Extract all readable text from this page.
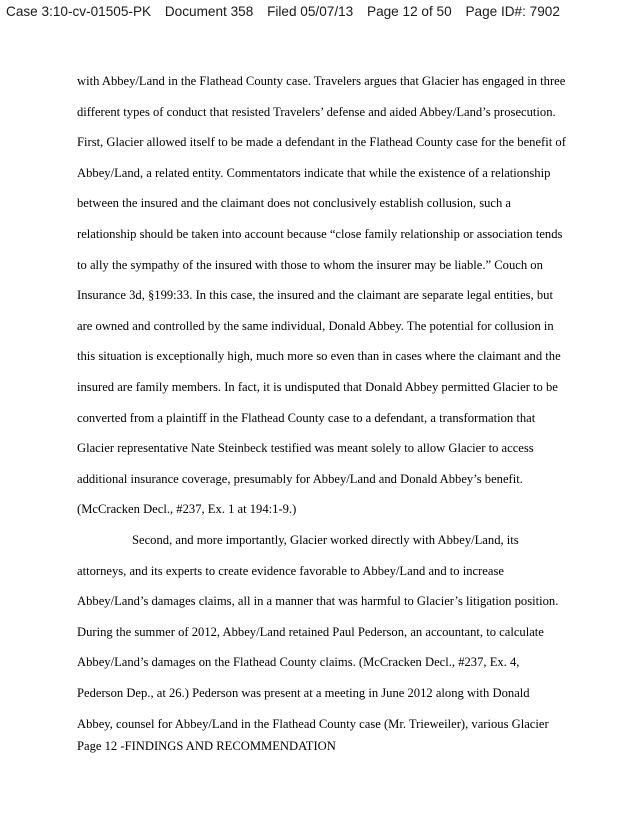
Case 3:10-cv-01505-PK Document 358 Filed 05/07/13 Page 12 of 50 Page ID#: 7902
with Abbey/Land in the Flathead County case. Travelers argues that Glacier has engaged in three
different types of conduct that resisted Travelers’ defense and aided Abbey/Land’s prosecution.
First, Glacier allowed itself to be made a defendant in the Flathead County case for the benefit of
Abbey/Land, a related entity. Commentators indicate that while the existence of a relationship
between the insured and the claimant does not conclusively establish collusion, such a
relationship should be taken into account because “close family relationship or association tends
to ally the sympathy of the insured with those to whom the insurer may be liable.” Couch on
Insurance 3d, §199:33. In this case, the insured and the claimant are separate legal entities, but
are owned and controlled by the same individual, Donald Abbey. The potential for collusion in
this situation is exceptionally high, much more so even than in cases where the claimant and the
insured are family members. In fact, it is undisputed that Donald Abbey permitted Glacier to be
converted from a plaintiff in the Flathead County case to a defendant, a transformation that
Glacier representative Nate Steinbeck testified was meant solely to allow Glacier to access
additional insurance coverage, presumably for Abbey/Land and Donald Abbey’s benefit.
(McCracken Decl., #237, Ex. 1 at 194:1-9.)
Second, and more importantly, Glacier worked directly with Abbey/Land, its
attorneys, and its experts to create evidence favorable to Abbey/Land and to increase
Abbey/Land’s damages claims, all in a manner that was harmful to Glacier’s litigation position.
During the summer of 2012, Abbey/Land retained Paul Pederson, an accountant, to calculate
Abbey/Land’s damages on the Flathead County claims. (McCracken Decl., #237, Ex. 4,
Pederson Dep., at 26.) Pederson was present at a meeting in June 2012 along with Donald
Abbey, counsel for Abbey/Land in the Flathead County case (Mr. Trieweiler), various Glacier
Page 12 -FINDINGS AND RECOMMENDATION
